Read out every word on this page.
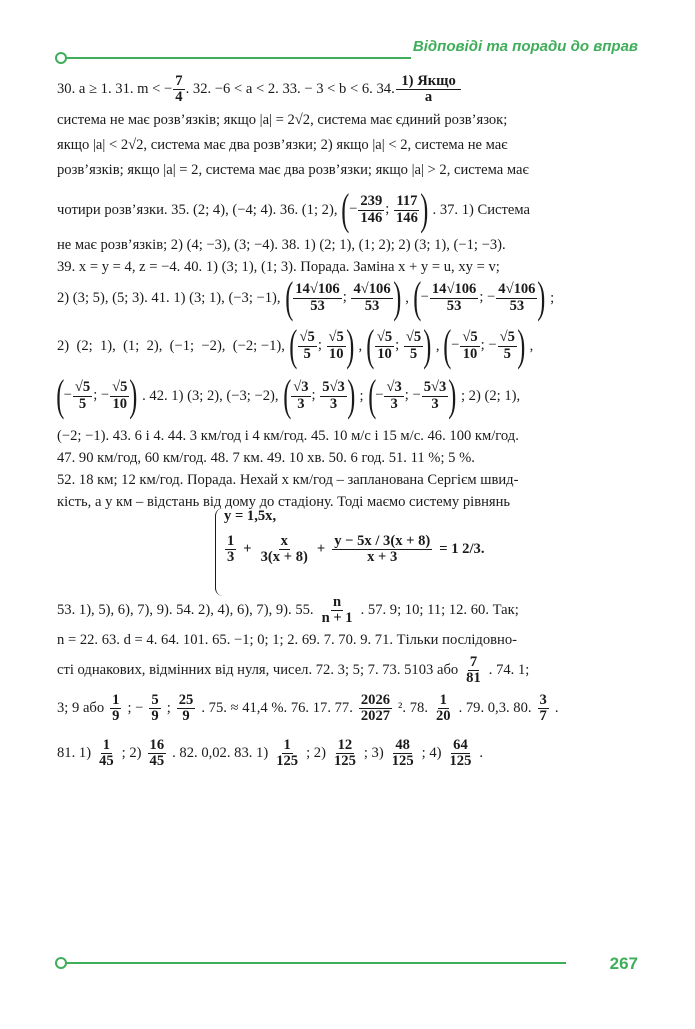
Відповіді та поради до вправ
30. a ≥ 1. 31. m < − $\frac{7}{4}$ . 32. −6 < a < 2. 33. − 3 < b < 6. 34. $\frac{\text{1) Якщо}}{a}$
система не має розв’язків; якщо |a| = 2√2, система має єдиний розв’язок;
якщо |a| < 2√2, система має два розв’язки; 2) якщо |a| < 2, система не має
розв’язків; якщо |a| = 2, система має два розв’язки; якщо |a| > 2, система має
чотири розв’язки. 35. (2; 4), (−4; 4). 36. (1; 2), ( − $\frac{239}{146}$ ; $\frac{117}{146}$ ) . 37. 1) Система
не має розв’язків; 2) (4; −3), (3; −4). 38. 1) (2; 1), (1; 2); 2) (3; 1), (−1; −3).
39. x = y = 4, z = −4. 40. 1) (3; 1), (1; 3). Порада. Заміна x + y = u, xy = v;
2) (3; 5), (5; 3). 41. 1) (3; 1), (−3; −1), ( $\frac{14√106}{53}$ ; $\frac{4√106}{53}$ ) , ( − $\frac{14√106}{53}$ ; − $\frac{4√106}{53}$ ) ;
2)  (2;  1),  (1;  2),  (−1;  −2),  (−2; −1), ( $\frac{√5}{5}$ ; $\frac{√5}{10}$ ) , ( $\frac{√5}{10}$ ; $\frac{√5}{5}$ ) , ( − $\frac{√5}{10}$ ; − $\frac{√5}{5}$ ) ,
( − $\frac{√5}{5}$ ; − $\frac{√5}{10}$ ) . 42. 1) (3; 2), (−3; −2), ( $\frac{√3}{3}$ ; $\frac{5√3}{3}$ ) ; ( − $\frac{√3}{3}$ ; − $\frac{5√3}{3}$ ) ; 2) (2; 1),
(−2; −1). 43. 6 і 4. 44. 3 км/год і 4 км/год. 45. 10 м/с і 15 м/с. 46. 100 км/год.
47. 90 км/год, 60 км/год. 48. 7 км. 49. 10 хв. 50. 6 год. 51. 11 %; 5 %.
52. 18 км; 12 км/год. Порада. Нехай x км/год – запланована Сергієм швид-
кість, а y км – відстань від дому до стадіону. Тоді маємо систему рівнянь
y = 1,5x,
$\frac{1}{3} + \frac{x}{3(x + 8)} + \frac{y - 5x / 3(x + 8)}{x + 3} = 1$ 2/3.
53. 1), 5), 6), 7), 9). 54. 2), 4), 6), 7), 9). 55. $\frac{n}{n + 1}$ . 57. 9; 10; 11; 12. 60. Так;
n = 22. 63. d = 4. 64. 101. 65. −1; 0; 1; 2. 69. 7. 70. 9. 71. Тільки послідовно-
сті однакових, відмінних від нуля, чисел. 72. 3; 5; 7. 73. 5103 або $\frac{7}{81}$ . 74. 1;
3; 9 або $\frac{1}{9}$ ; − $\frac{5}{9}$ ; $\frac{25}{9}$ . 75. ≈ 41,4 %. 76. 17. 77. $\frac{2026}{2027} ^2$. 78. $\frac{1}{20}$ . 79. 0,3. 80. $\frac{3}{7}$ .
81. $1) \frac{1}{45}$ ; $2) \frac{16}{45}$ . 82. 0,02. 83. $1) \frac{1}{125}$ ; $2) \frac{12}{125}$ ; $3) \frac{48}{125}$ ; $4) \frac{64}{125}$ .
267
